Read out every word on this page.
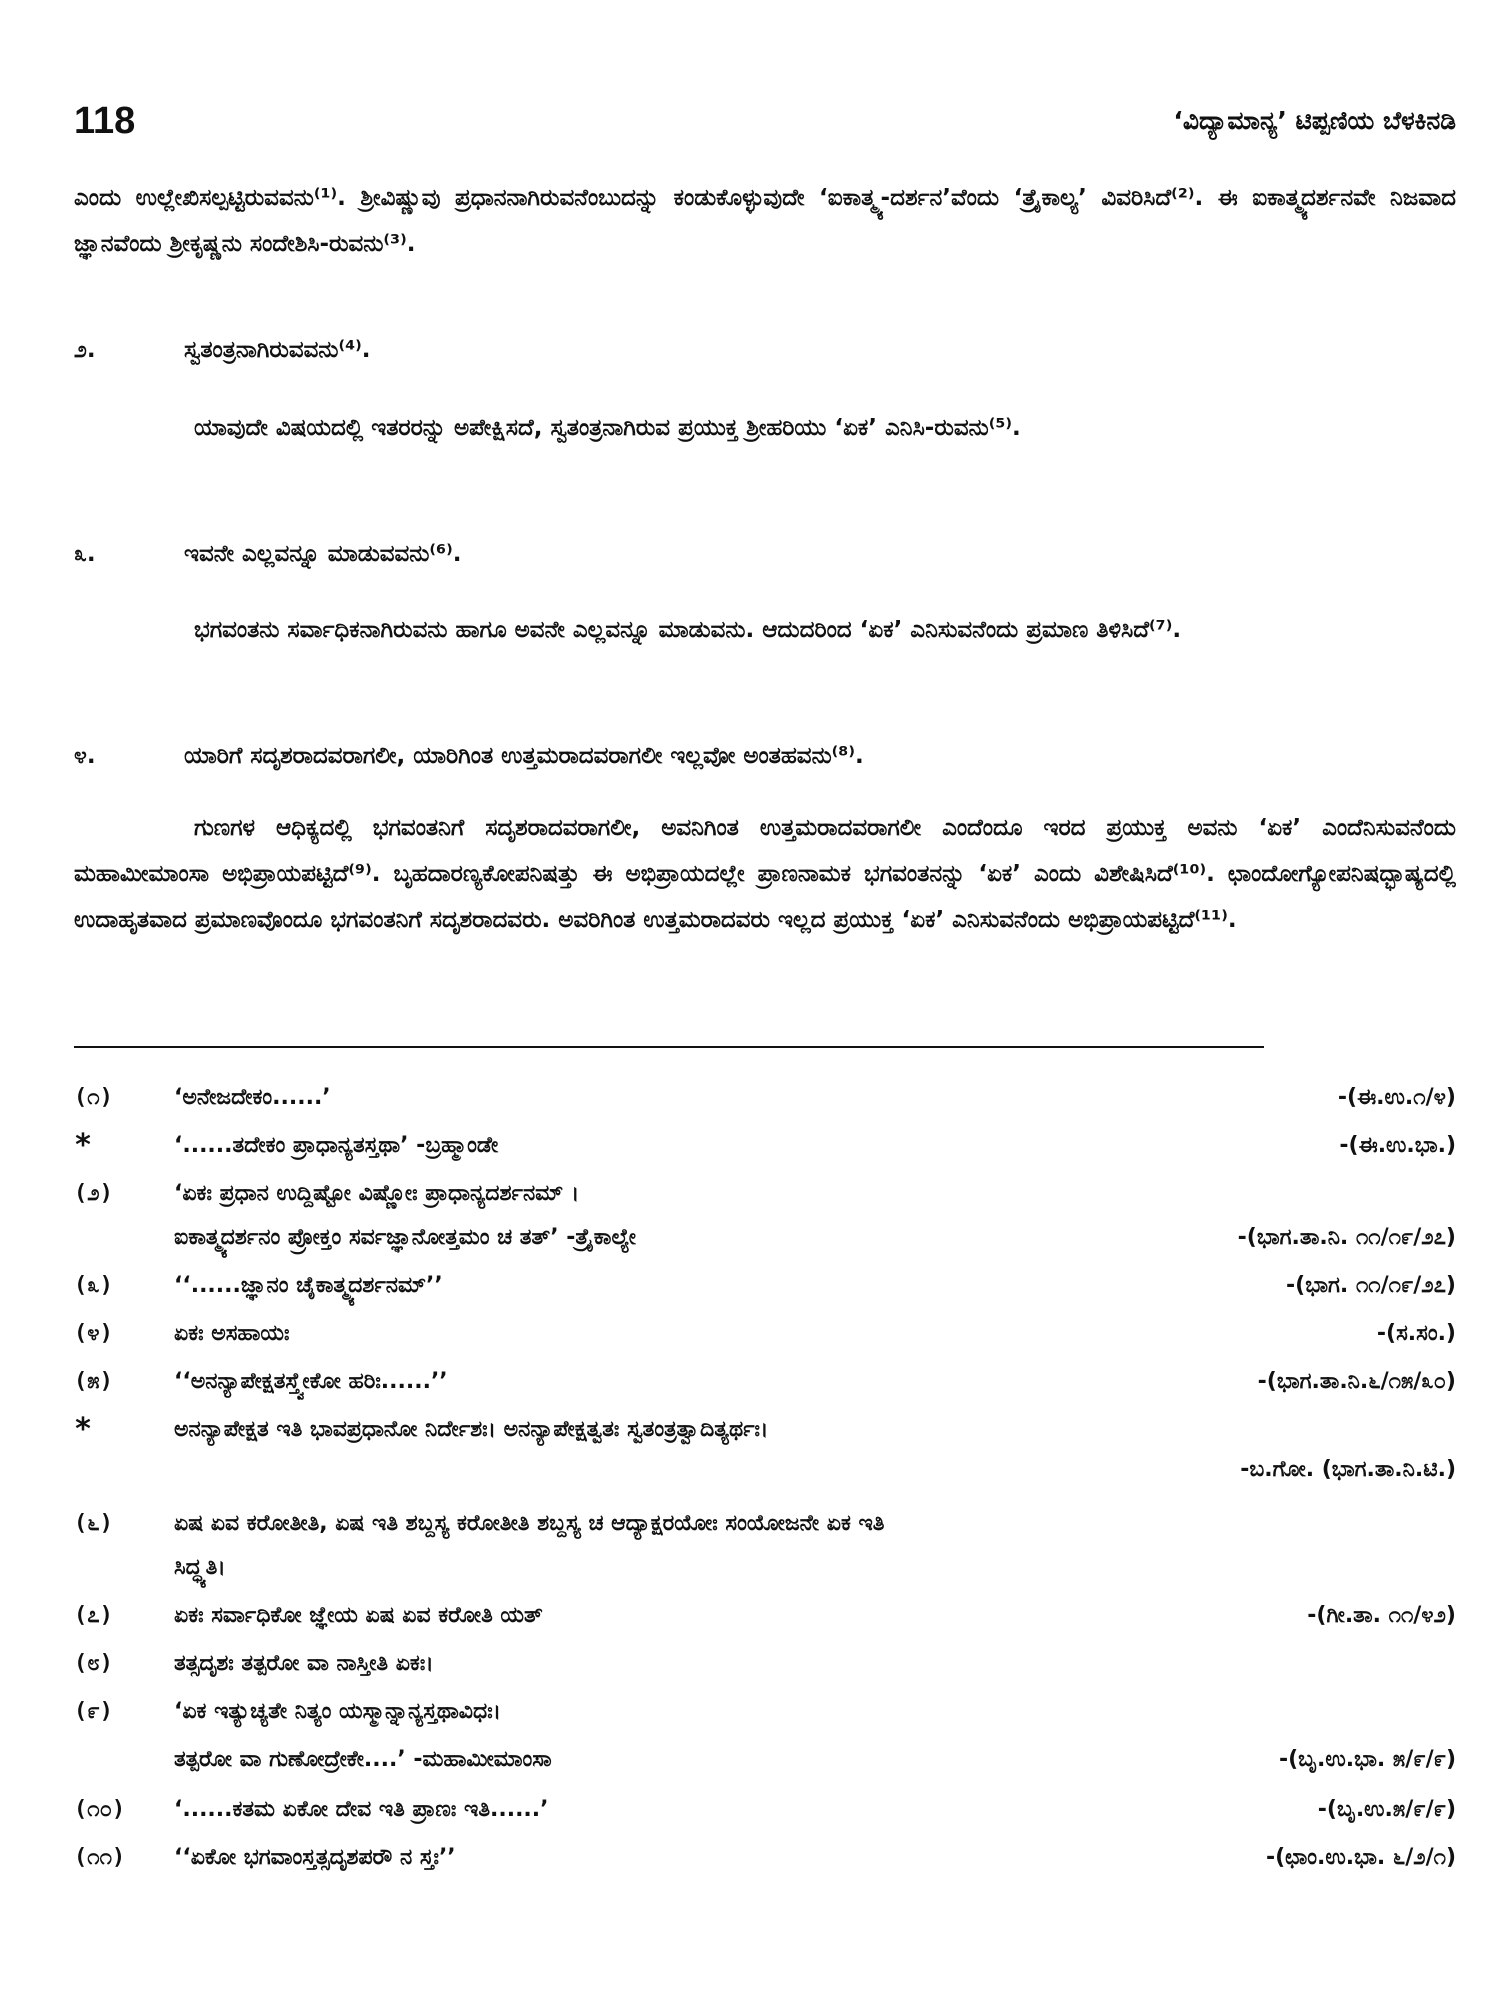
118	‘ವಿದ್ಯಾಮಾನ್ಯ’ ಟಿಪ್ಪಣಿಯ ಬೆಳಕಿನಡಿ

ಎಂದು ಉಲ್ಲೇಖಿಸಲ್ಪಟ್ಟಿರುವವನು⁽¹⁾. ಶ್ರೀವಿಷ್ಣುವು ಪ್ರಧಾನನಾಗಿರುವನೆಂಬುದನ್ನು ಕಂಡುಕೊಳ್ಳುವುದೇ ‘ಐಕಾತ್ಮ್ಯ-ದರ್ಶನ’ವೆಂದು ‘ತ್ರೈಕಾಲ್ಯ’ ವಿವರಿಸಿದೆ⁽²⁾. ಈ ಐಕಾತ್ಮ್ಯದರ್ಶನವೇ ನಿಜವಾದ ಜ್ಞಾನವೆಂದು ಶ್ರೀಕೃಷ್ಣನು ಸಂದೇಶಿಸಿ-ರುವನು⁽³⁾.

೨.	ಸ್ವತಂತ್ರನಾಗಿರುವವನು⁽⁴⁾.

ಯಾವುದೇ ವಿಷಯದಲ್ಲಿ ಇತರರನ್ನು ಅಪೇಕ್ಷಿಸದೆ, ಸ್ವತಂತ್ರನಾಗಿರುವ ಪ್ರಯುಕ್ತ ಶ್ರೀಹರಿಯು ‘ಏಕ’ ಎನಿಸಿ-ರುವನು⁽⁵⁾.

೩.	ಇವನೇ ಎಲ್ಲವನ್ನೂ ಮಾಡುವವನು⁽⁶⁾.

ಭಗವಂತನು ಸರ್ವಾಧಿಕನಾಗಿರುವನು ಹಾಗೂ ಅವನೇ ಎಲ್ಲವನ್ನೂ ಮಾಡುವನು. ಆದುದರಿಂದ ‘ಏಕ’ ಎನಿಸುವನೆಂದು ಪ್ರಮಾಣ ತಿಳಿಸಿದೆ⁽⁷⁾.

೪.	ಯಾರಿಗೆ ಸದೃಶರಾದವರಾಗಲೀ, ಯಾರಿಗಿಂತ ಉತ್ತಮರಾದವರಾಗಲೀ ಇಲ್ಲವೋ ಅಂತಹವನು⁽⁸⁾.

ಗುಣಗಳ ಆಧಿಕ್ಯದಲ್ಲಿ ಭಗವಂತನಿಗೆ ಸದೃಶರಾದವರಾಗಲೀ, ಅವನಿಗಿಂತ ಉತ್ತಮರಾದವರಾಗಲೀ ಎಂದೆಂದೂ ಇರದ ಪ್ರಯುಕ್ತ ಅವನು ‘ಏಕ’ ಎಂದೆನಿಸುವನೆಂದು ಮಹಾಮೀಮಾಂಸಾ ಅಭಿಪ್ರಾಯಪಟ್ಟಿದೆ⁽⁹⁾. ಬೃಹದಾರಣ್ಯಕೋಪನಿಷತ್ತು ಈ ಅಭಿಪ್ರಾಯದಲ್ಲೇ ಪ್ರಾಣನಾಮಕ ಭಗವಂತನನ್ನು ‘ಏಕ’ ಎಂದು ವಿಶೇಷಿಸಿದೆ⁽¹⁰⁾. ಛಾಂದೋಗ್ಯೋಪನಿಷದ್ಭಾಷ್ಯದಲ್ಲಿ ಉದಾಹೃತವಾದ ಪ್ರಮಾಣವೊಂದೂ ಭಗವಂತನಿಗೆ ಸದೃಶರಾದವರು. ಅವರಿಗಿಂತ ಉತ್ತಮರಾದವರು ಇಲ್ಲದ ಪ್ರಯುಕ್ತ ‘ಏಕ’ ಎನಿಸುವನೆಂದು ಅಭಿಪ್ರಾಯಪಟ್ಟಿದೆ⁽¹¹⁾.

(೧)	‘ಅನೇಜದೇಕಂ......’	-(ಈ.ಉ.೧/೪)
*	‘......ತದೇಕಂ ಪ್ರಾಧಾನ್ಯತಸ್ತಥಾ’ -ಬ್ರಹ್ಮಾಂಡೇ	-(ಈ.ಉ.ಭಾ.)
(೨)	‘ಏಕಃ ಪ್ರಧಾನ ಉದ್ದಿಷ್ಟೋ ವಿಷ್ಣೋಃ ಪ್ರಾಧಾನ್ಯದರ್ಶನಮ್ ।
ಐಕಾತ್ಮ್ಯದರ್ಶನಂ ಪ್ರೋಕ್ತಂ ಸರ್ವಜ್ಞಾನೋತ್ತಮಂ ಚ ತತ್’ -ತ್ರೈಕಾಲ್ಯೇ	-(ಭಾಗ.ತಾ.ನಿ. ೧೧/೧೯/೨೭)
(೩)	‘‘......ಜ್ಞಾನಂ ಚೈಕಾತ್ಮ್ಯದರ್ಶನಮ್’’	-(ಭಾಗ. ೧೧/೧೯/೨೭)
(೪)	ಏಕಃ ಅಸಹಾಯಃ	-(ಸ.ಸಂ.)
(೫)	‘‘ಅನನ್ಯಾಪೇಕ್ಷತಸ್ತ್ವೇಕೋ ಹರಿಃ......’’	-(ಭಾಗ.ತಾ.ನಿ.೬/೧೫/೩೦)
*	ಅನನ್ಯಾಪೇಕ್ಷತ ಇತಿ ಭಾವಪ್ರಧಾನೋ ನಿರ್ದೇಶಃ। ಅನನ್ಯಾಪೇಕ್ಷತ್ವತಃ ಸ್ವತಂತ್ರತ್ವಾದಿತ್ಯರ್ಥಃ।
-ಬ.ಗೋ. (ಭಾಗ.ತಾ.ನಿ.ಟಿ.)
(೬)	ಏಷ ಏವ ಕರೋತೀತಿ, ಏಷ ಇತಿ ಶಬ್ದಸ್ಯ ಕರೋತೀತಿ ಶಬ್ದಸ್ಯ ಚ ಆದ್ಯಾಕ್ಷರಯೋಃ ಸಂಯೋಜನೇ ಏಕ ಇತಿ
ಸಿದ್ಧ್ಯತಿ।
(೭)	ಏಕಃ ಸರ್ವಾಧಿಕೋ ಜ್ಞೇಯ ಏಷ ಏವ ಕರೋತಿ ಯತ್	-(ಗೀ.ತಾ. ೧೧/೪೨)
(೮)	ತತ್ಸದೃಶಃ ತತ್ಪರೋ ವಾ ನಾಸ್ತೀತಿ ಏಕಃ।
(೯)	‘ಏಕ ಇತ್ಯುಚ್ಯತೇ ನಿತ್ಯಂ ಯಸ್ಮಾನ್ನಾನ್ಯಸ್ತಥಾವಿಧಃ।
ತತ್ಪರೋ ವಾ ಗುಣೋದ್ರೇಕೇ....’ -ಮಹಾಮೀಮಾಂಸಾ	-(ಬೃ.ಉ.ಭಾ. ೫/೯/೯)
(೧೦) ‘......ಕತಮ ಏಕೋ ದೇವ ಇತಿ ಪ್ರಾಣಃ ಇತಿ......’	-(ಬೃ.ಉ.೫/೯/೯)
(೧೧) ‘‘ಏಕೋ ಭಗವಾಂಸ್ತತ್ಸದೃಶಪರೌ ನ ಸ್ತಃ’’	-(ಛಾಂ.ಉ.ಭಾ. ೬/೨/೧)
